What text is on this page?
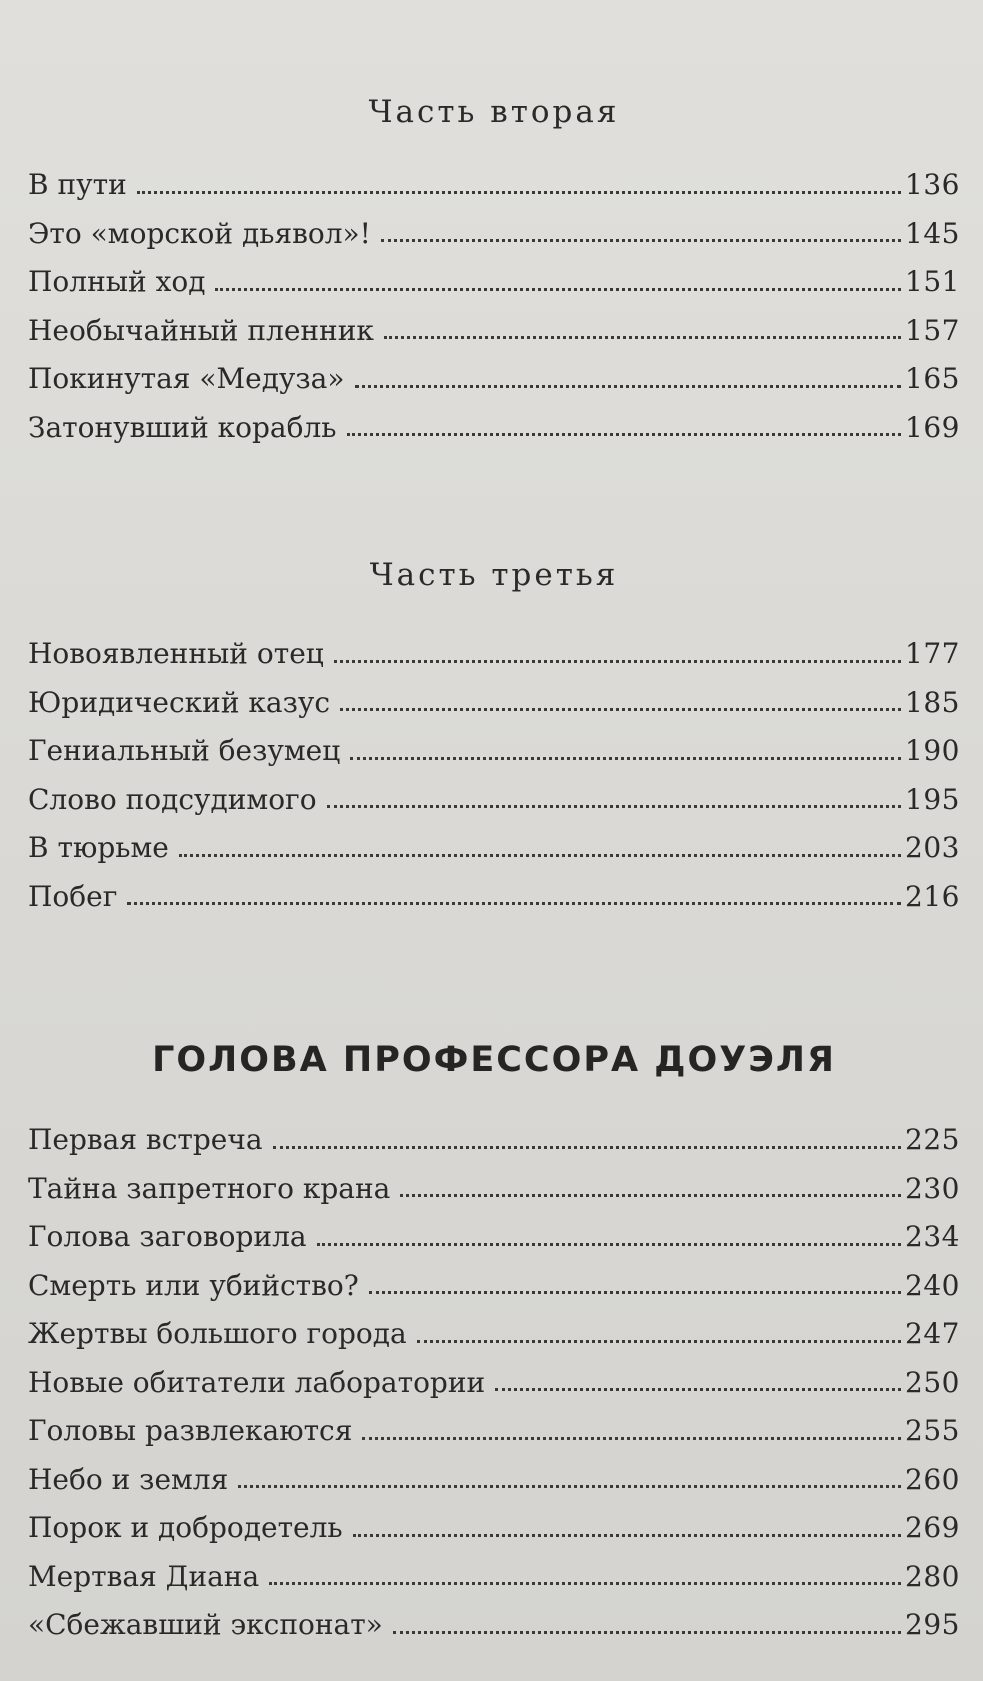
Часть вторая
В пути	136
Это «морской дьявол»!	145
Полный ход	151
Необычайный пленник	157
Покинутая «Медуза»	165
Затонувший корабль	169
Часть третья
Новоявленный отец	177
Юридический казус	185
Гениальный безумец	190
Слово подсудимого	195
В тюрьме	203
Побег	216
ГОЛОВА ПРОФЕССОРА ДОУЭЛЯ
Первая встреча	225
Тайна запретного крана	230
Голова заговорила	234
Смерть или убийство?	240
Жертвы большого города	247
Новые обитатели лаборатории	250
Головы развлекаются	255
Небо и земля	260
Порок и добродетель	269
Мертвая Диана	280
«Сбежавший экспонат»	295
